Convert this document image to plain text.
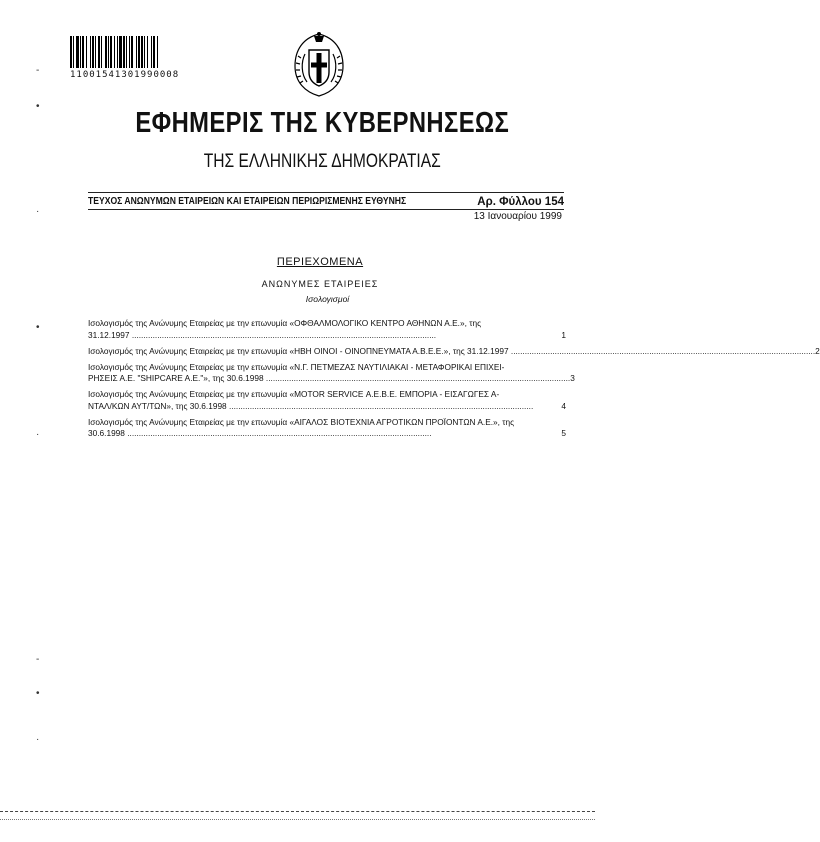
11001541301990008
ΕΦΗΜΕΡΙΣ ΤΗΣ ΚΥΒΕΡΝΗΣΕΩΣ
ΤΗΣ ΕΛΛΗΝΙΚΗΣ ΔΗΜΟΚΡΑΤΙΑΣ
ΤΕΥΧΟΣ ΑΝΩΝΥΜΩΝ ΕΤΑΙΡΕΙΩΝ ΚΑΙ ΕΤΑΙΡΕΙΩΝ ΠΕΡΙΩΡΙΣΜΕΝΗΣ ΕΥΘΥΝΗΣ	Αρ. Φύλλου 154
13 Ιανουαρίου 1999
ΠΕΡΙΕΧΟΜΕΝΑ
ΑΝΩΝΥΜΕΣ ΕΤΑΙΡΕΙΕΣ
Ισολογισμοί
Ισολογισμός της Ανώνυμης Εταιρείας με την επωνυμία «ΟΦΘΑΛΜΟΛΟΓΙΚΟ ΚΕΝΤΡΟ ΑΘΗΝΩΝ Α.Ε.», της
31.12.1997 .....	1
Ισολογισμός της Ανώνυμης Εταιρείας με την επωνυμία «ΗΒΗ ΟΙΝΟΙ - ΟΙΝΟΠΝΕΥΜΑΤΑ Α.Β.Ε.Ε.», της 31.12.1997 .....	2
Ισολογισμός της Ανώνυμης Εταιρείας με την επωνυμία «Ν.Γ. ΠΕΤΜΕΖΑΣ ΝΑΥΤΙΛΙΑΚΑΙ - ΜΕΤΑΦΟΡΙΚΑΙ ΕΠΙΧΕΙ-
ΡΗΣΕΙΣ Α.Ε. "SHIPCARE A.E."», της 30.6.1998 .....	3
Ισολογισμός της Ανώνυμης Εταιρείας με την επωνυμία «MOTOR SERVICE Α.Ε.Β.Ε. ΕΜΠΟΡΙΑ - ΕΙΣΑΓΩΓΕΣ Α-
ΝΤΑΛ/ΚΩΝ ΑΥΤ/ΤΩΝ», της 30.6.1998 .....	4
Ισολογισμός της Ανώνυμης Εταιρείας με την επωνυμία «ΑΙΓΑΛΟΣ ΒΙΟΤΕΧΝΙΑ ΑΓΡΟΤΙΚΩΝ ΠΡΟΪΟΝΤΩΝ Α.Ε.», της
30.6.1998 .....	5
-
•
·
•
·
-
•
·
